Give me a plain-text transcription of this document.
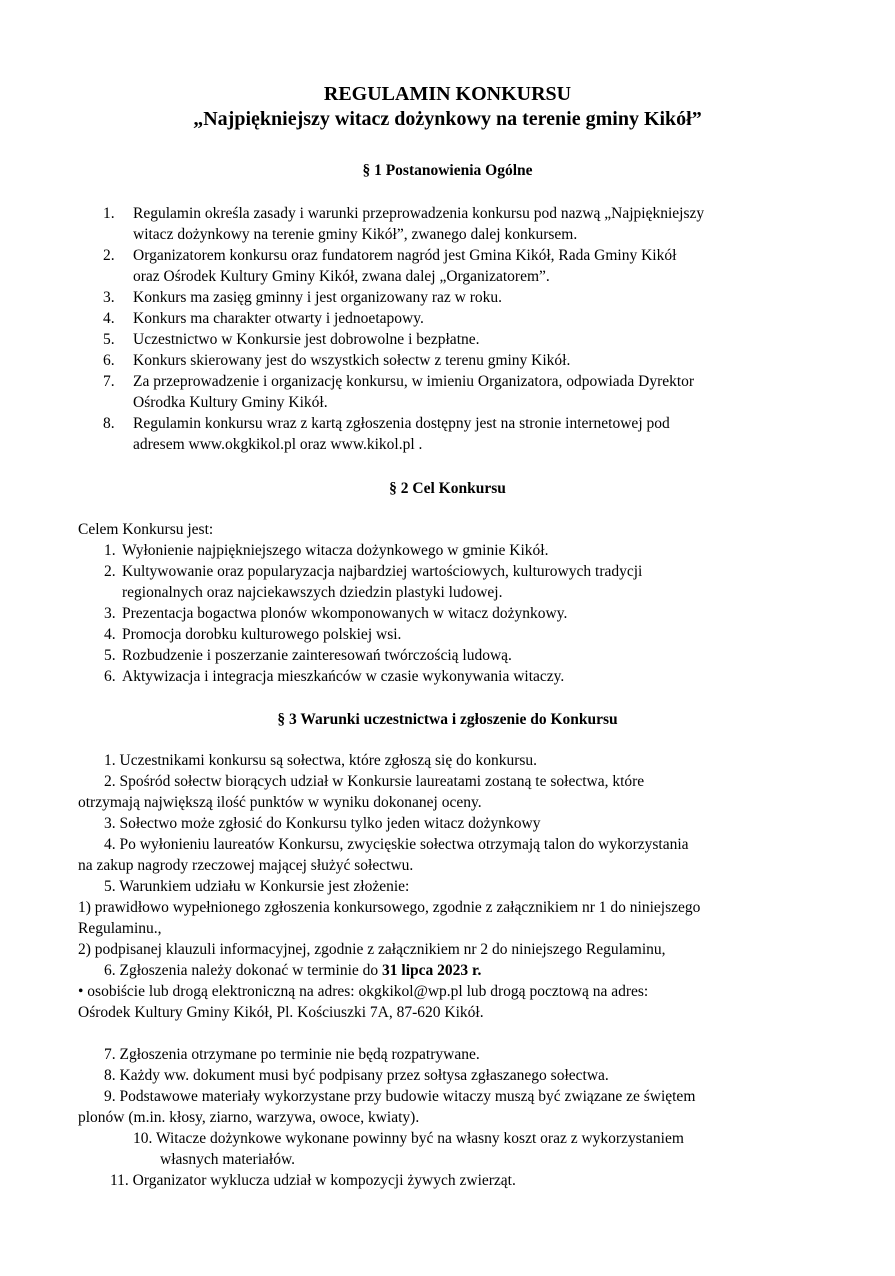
REGULAMIN KONKURSU
„Najpiękniejszy witacz dożynkowy na terenie gminy Kikół”
§ 1 Postanowienia Ogólne
1. Regulamin określa zasady i warunki przeprowadzenia konkursu pod nazwą „Najpiękniejszy
witacz dożynkowy na terenie gminy Kikół”, zwanego dalej konkursem.
2. Organizatorem konkursu oraz fundatorem nagród jest Gmina Kikół, Rada Gminy Kikół
oraz Ośrodek Kultury Gminy Kikół, zwana dalej „Organizatorem”.
3. Konkurs ma zasięg gminny i jest organizowany raz w roku.
4. Konkurs ma charakter otwarty i jednoetapowy.
5. Uczestnictwo w Konkursie jest dobrowolne i bezpłatne.
6. Konkurs skierowany jest do wszystkich sołectw z terenu gminy Kikół.
7. Za przeprowadzenie i organizację konkursu, w imieniu Organizatora, odpowiada Dyrektor
Ośrodka Kultury Gminy Kikół.
8. Regulamin konkursu wraz z kartą zgłoszenia dostępny jest na stronie internetowej pod
adresem www.okgkikol.pl oraz www.kikol.pl .
§ 2 Cel Konkursu
Celem Konkursu jest:
1. Wyłonienie najpiękniejszego witacza dożynkowego w gminie Kikół.
2. Kultywowanie oraz popularyzacja najbardziej wartościowych, kulturowych tradycji
regionalnych oraz najciekawszych dziedzin plastyki ludowej.
3. Prezentacja bogactwa plonów wkomponowanych w witacz dożynkowy.
4. Promocja dorobku kulturowego polskiej wsi.
5. Rozbudzenie i poszerzanie zainteresowań twórczością ludową.
6. Aktywizacja i integracja mieszkańców w czasie wykonywania witaczy.
§ 3 Warunki uczestnictwa i zgłoszenie do Konkursu
1. Uczestnikami konkursu są sołectwa, które zgłoszą się do konkursu.
2. Spośród sołectw biorących udział w Konkursie laureatami zostaną te sołectwa, które
otrzymają największą ilość punktów w wyniku dokonanej oceny.
3. Sołectwo może zgłosić do Konkursu tylko jeden witacz dożynkowy
4. Po wyłonieniu laureatów Konkursu, zwycięskie sołectwa otrzymają talon do wykorzystania
na zakup nagrody rzeczowej mającej służyć sołectwu.
5. Warunkiem udziału w Konkursie jest złożenie:
1) prawidłowo wypełnionego zgłoszenia konkursowego, zgodnie z załącznikiem nr 1 do niniejszego
Regulaminu.,
2) podpisanej klauzuli informacyjnej, zgodnie z załącznikiem nr 2 do niniejszego Regulaminu,
6. Zgłoszenia należy dokonać w terminie do 31 lipca 2023 r.
• osobiście lub drogą elektroniczną na adres: okgkikol@wp.pl lub drogą pocztową na adres:
Ośrodek Kultury Gminy Kikół, Pl. Kościuszki 7A, 87-620 Kikół.
7. Zgłoszenia otrzymane po terminie nie będą rozpatrywane.
8. Każdy ww. dokument musi być podpisany przez sołtysa zgłaszanego sołectwa.
9. Podstawowe materiały wykorzystane przy budowie witaczy muszą być związane ze świętem
plonów (m.in. kłosy, ziarno, warzywa, owoce, kwiaty).
10. Witacze dożynkowe wykonane powinny być na własny koszt oraz z wykorzystaniem
własnych materiałów.
11. Organizator wyklucza udział w kompozycji żywych zwierząt.
